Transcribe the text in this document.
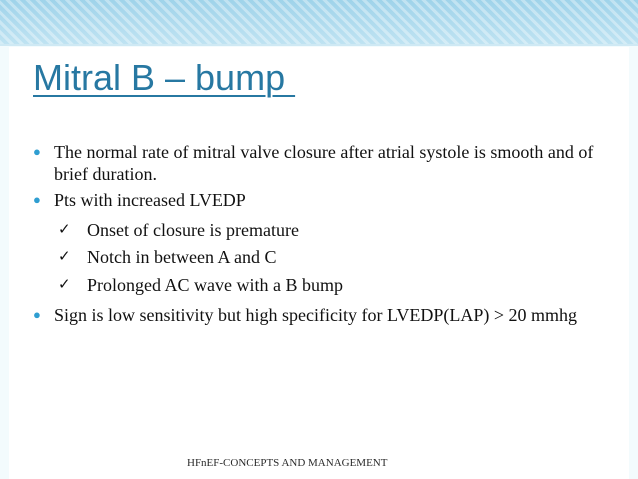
Mitral B – bump
● The normal rate of mitral valve closure after atrial systole is smooth and of brief duration.
● Pts with increased LVEDP
✓ Onset of closure is premature
✓ Notch in between A and C
✓ Prolonged AC wave with a B bump
● Sign is low sensitivity but high specificity for LVEDP(LAP) > 20 mmhg
HFnEF-CONCEPTS AND MANAGEMENT
